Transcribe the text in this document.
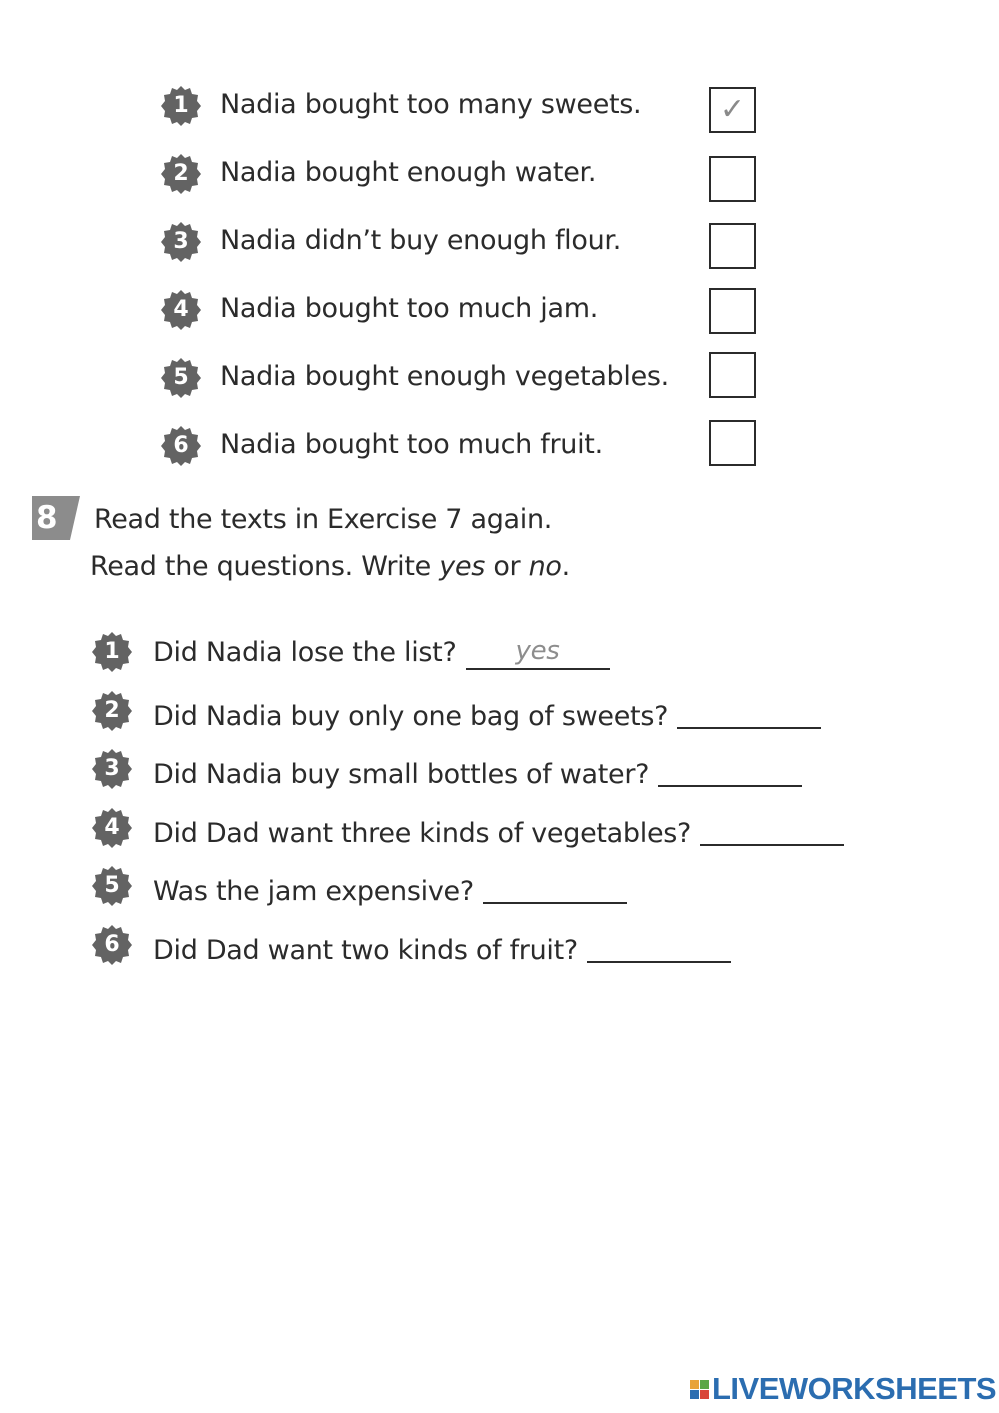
1 Nadia bought too many sweets.	✓
2 Nadia bought enough water.
3 Nadia didn’t buy enough flour.
4 Nadia bought too much jam.
5 Nadia bought enough vegetables.
6 Nadia bought too much fruit.
8 Read the texts in Exercise 7 again.
Read the questions. Write yes or no.
1 Did Nadia lose the list? yes
2 Did Nadia buy only one bag of sweets?
3 Did Nadia buy small bottles of water?
4 Did Dad want three kinds of vegetables?
5 Was the jam expensive?
6 Did Dad want two kinds of fruit?
LIVEWORKSHEETS
